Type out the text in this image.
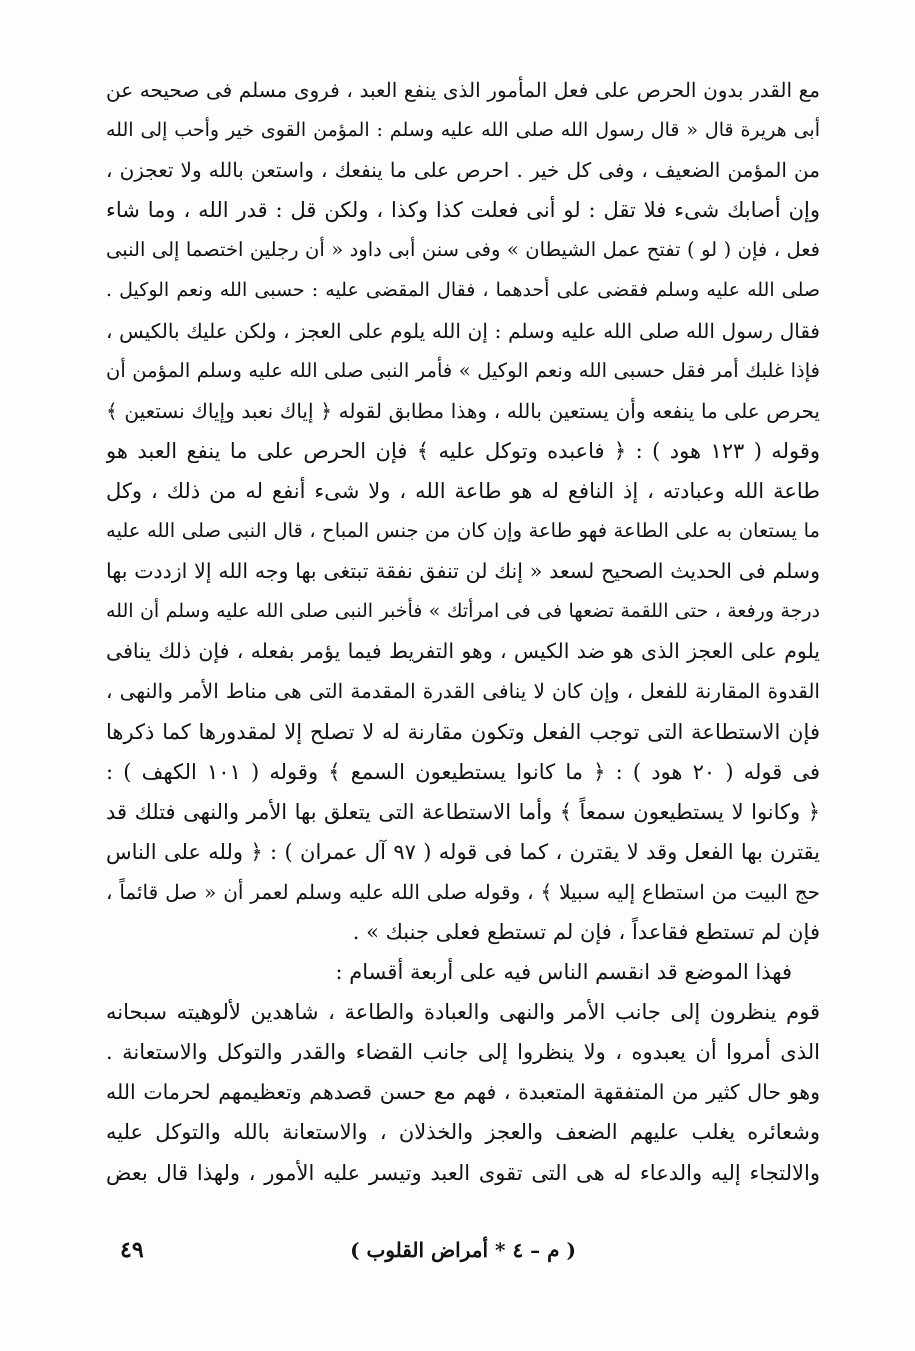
مع القدر بدون الحرص على فعل المأمور الذى ينفع العبد ، فروى مسلم فى صحيحه عن
أبى هريرة قال « قال رسول الله صلى الله عليه وسلم : المؤمن القوى خير وأحب إلى الله
من المؤمن الضعيف ، وفى كل خير . احرص على ما ينفعك ، واستعن بالله ولا تعجزن ،
وإن أصابك شىء فلا تقل : لو أنى فعلت كذا وكذا ، ولكن قل : قدر الله ، وما شاء
فعل ، فإن ( لو ) تفتح عمل الشيطان » وفى سنن أبى داود « أن رجلين اختصما إلى النبى
صلى الله عليه وسلم فقضى على أحدهما ، فقال المقضى عليه : حسبى الله ونعم الوكيل .
فقال رسول الله صلى الله عليه وسلم : إن الله يلوم على العجز ، ولكن عليك بالكيس ،
فإذا غلبك أمر فقل حسبى الله ونعم الوكيل » فأمر النبى صلى الله عليه وسلم المؤمن أن
يحرص على ما ينفعه وأن يستعين بالله ، وهذا مطابق لقوله ﴿ إياك نعبد وإياك نستعين ﴾
وقوله ( ١٢٣ هود ) : ﴿ فاعبده وتوكل عليه ﴾ فإن الحرص على ما ينفع العبد هو
طاعة الله وعبادته ، إذ النافع له هو طاعة الله ، ولا شىء أنفع له من ذلك ، وكل
ما يستعان به على الطاعة فهو طاعة وإن كان من جنس المباح ، قال النبى صلى الله عليه
وسلم فى الحديث الصحيح لسعد « إنك لن تنفق نفقة تبتغى بها وجه الله إلا ازددت بها
درجة ورفعة ، حتى اللقمة تضعها فى فى امرأتك » فأخبر النبى صلى الله عليه وسلم أن الله
يلوم على العجز الذى هو ضد الكيس ، وهو التفريط فيما يؤمر بفعله ، فإن ذلك ينافى
القدوة المقارنة للفعل ، وإن كان لا ينافى القدرة المقدمة التى هى مناط الأمر والنهى ،
فإن الاستطاعة التى توجب الفعل وتكون مقارنة له لا تصلح إلا لمقدورها كما ذكرها
فى قوله ( ٢٠ هود ) : ﴿ ما كانوا يستطيعون السمع ﴾ وقوله ( ١٠١ الكهف ) :
﴿ وكانوا لا يستطيعون سمعاً ﴾ وأما الاستطاعة التى يتعلق بها الأمر والنهى فتلك قد
يقترن بها الفعل وقد لا يقترن ، كما فى قوله ( ٩٧ آل عمران ) : ﴿ ولله على الناس
حج البيت من استطاع إليه سبيلا ﴾ ، وقوله صلى الله عليه وسلم لعمر أن « صل قائماً ،
فإن لم تستطع فقاعداً ، فإن لم تستطع فعلى جنبك » .
فهذا الموضع قد انقسم الناس فيه على أربعة أقسام :
قوم ينظرون إلى جانب الأمر والنهى والعبادة والطاعة ، شاهدين لألوهيته سبحانه
الذى أمروا أن يعبدوه ، ولا ينظروا إلى جانب القضاء والقدر والتوكل والاستعانة .
وهو حال كثير من المتفقهة المتعبدة ، فهم مع حسن قصدهم وتعظيمهم لحرمات الله
وشعائره يغلب عليهم الضعف والعجز والخذلان ، والاستعانة بالله والتوكل عليه
والالتجاء إليه والدعاء له هى التى تقوى العبد وتيسر عليه الأمور ، ولهذا قال بعض
( م – ٤ * أمراض القلوب )
٤٩
